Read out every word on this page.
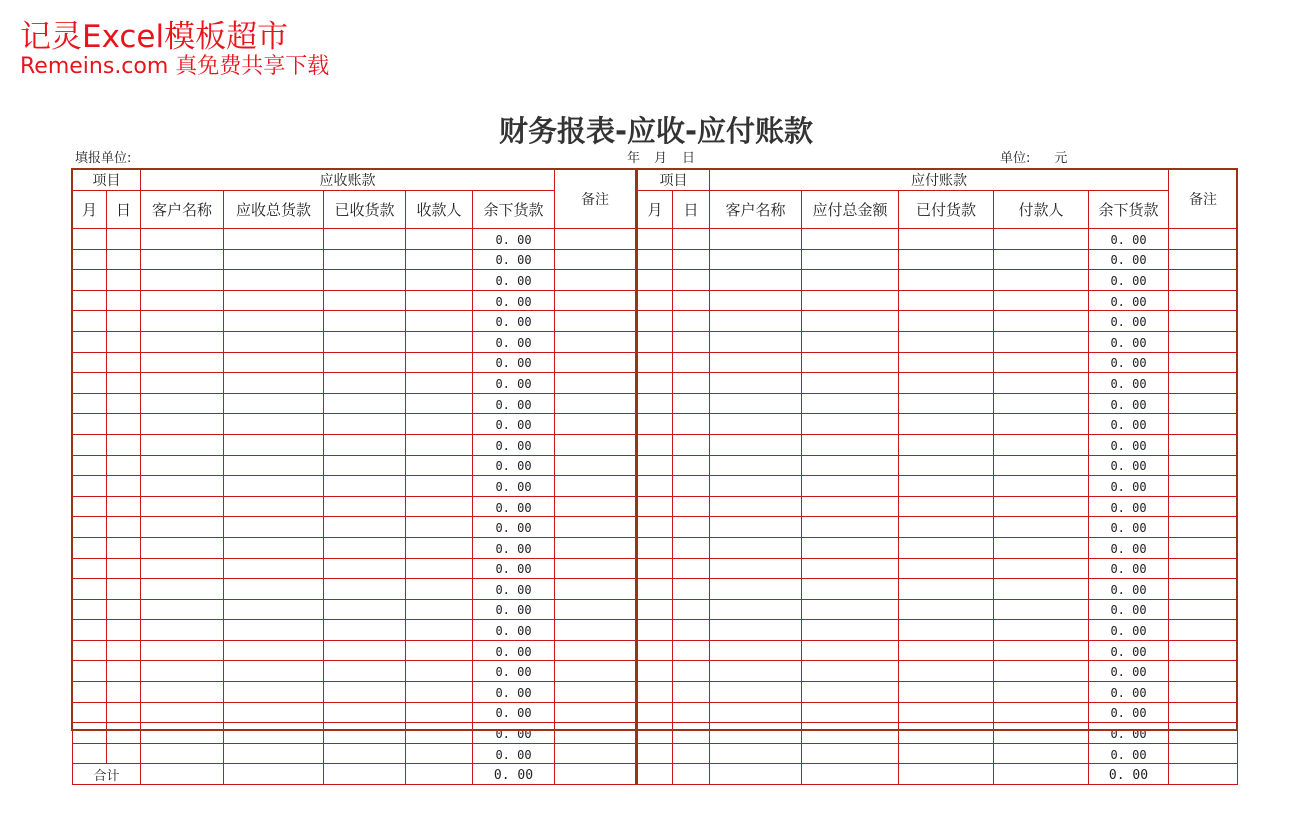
记灵Excel模板超市
Remeins.com 真免费共享下载
财务报表-应收-应付账款
填报单位:	年 月 日	单位: 元
项目		应收账款					备注	项目		应付账款					备注
月	日	客户名称	应收总货款	已收货款	收款人	余下货款		月	日	客户名称	应付总金额	已付货款	付款人	余下货款	
						0. 00								0. 00	
						0. 00								0. 00	
						0. 00								0. 00	
						0. 00								0. 00	
						0. 00								0. 00	
						0. 00								0. 00	
						0. 00								0. 00	
						0. 00								0. 00	
						0. 00								0. 00	
						0. 00								0. 00	
						0. 00								0. 00	
						0. 00								0. 00	
						0. 00								0. 00	
						0. 00								0. 00	
						0. 00								0. 00	
						0. 00								0. 00	
						0. 00								0. 00	
						0. 00								0. 00	
						0. 00								0. 00	
						0. 00								0. 00	
						0. 00								0. 00	
						0. 00								0. 00	
						0. 00								0. 00	
						0. 00								0. 00	
						0. 00								0. 00	
						0. 00								0. 00	
合计						0. 00								0. 00	
